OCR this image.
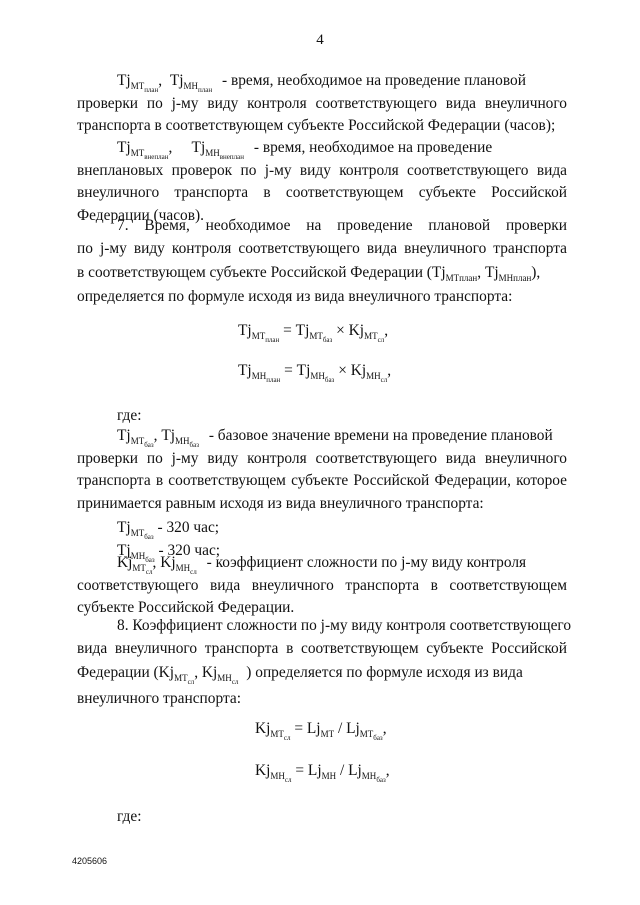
4
$Tj_{МТ_{план}}$,  $Tj_{МН_{план}}$ - время, необходимое на проведение плановой
проверки по j-му виду контроля соответствующего вида внеуличного
транспорта в соответствующем субъекте Российской Федерации (часов);
$Tj_{МТ_{внеплан}}$,     $Tj_{МН_{внеплан}}$ - время, необходимое на проведение
внеплановых проверок по j-му виду контроля соответствующего вида
внеуличного транспорта в соответствующем субъекте Российской
Федерации (часов).
7. Время, необходимое на проведение плановой проверки
по j-му виду контроля соответствующего вида внеуличного транспорта
в соответствующем субъекте Российской Федерации ($Tj_{МТплан}$, $Tj_{МНплан}$),
определяется по формуле исходя из вида внеуличного транспорта:
$Tj_{МТ_{план}} = Tj_{МТ_{баз}} \times Kj_{МТ_{сл}}$,
$Tj_{МН_{план}} = Tj_{МН_{баз}} \times Kj_{МН_{сл}}$,
где:
$Tj_{МТ_{баз}}$, $Tj_{МН_{баз}}$ - базовое значение времени на проведение плановой
проверки по j-му виду контроля соответствующего вида внеуличного
транспорта в соответствующем субъекте Российской Федерации, которое
принимается равным исходя из вида внеуличного транспорта:
$Tj_{МТ_{баз}} - 320$ час;
$Tj_{МН_{баз}} - 320$ час;
$Kj_{МТ_{сл}}$, $Kj_{МН_{сл}}$ - коэффициент сложности по j-му виду контроля
соответствующего вида внеуличного транспорта в соответствующем
субъекте Российской Федерации.
8. Коэффициент сложности по j-му виду контроля соответствующего
вида внеуличного транспорта в соответствующем субъекте Российской
Федерации ($Kj_{МТ_{сл}}$, $Kj_{МН_{сл}}$ ) определяется по формуле исходя из вида
внеуличного транспорта:
$Kj_{МТ_{сл}} = Lj_{МТ} / Lj_{МТ_{баз}}$,
$Kj_{МН_{сл}} = Lj_{МН} / Lj_{МН_{баз}}$,
где:
4205606
